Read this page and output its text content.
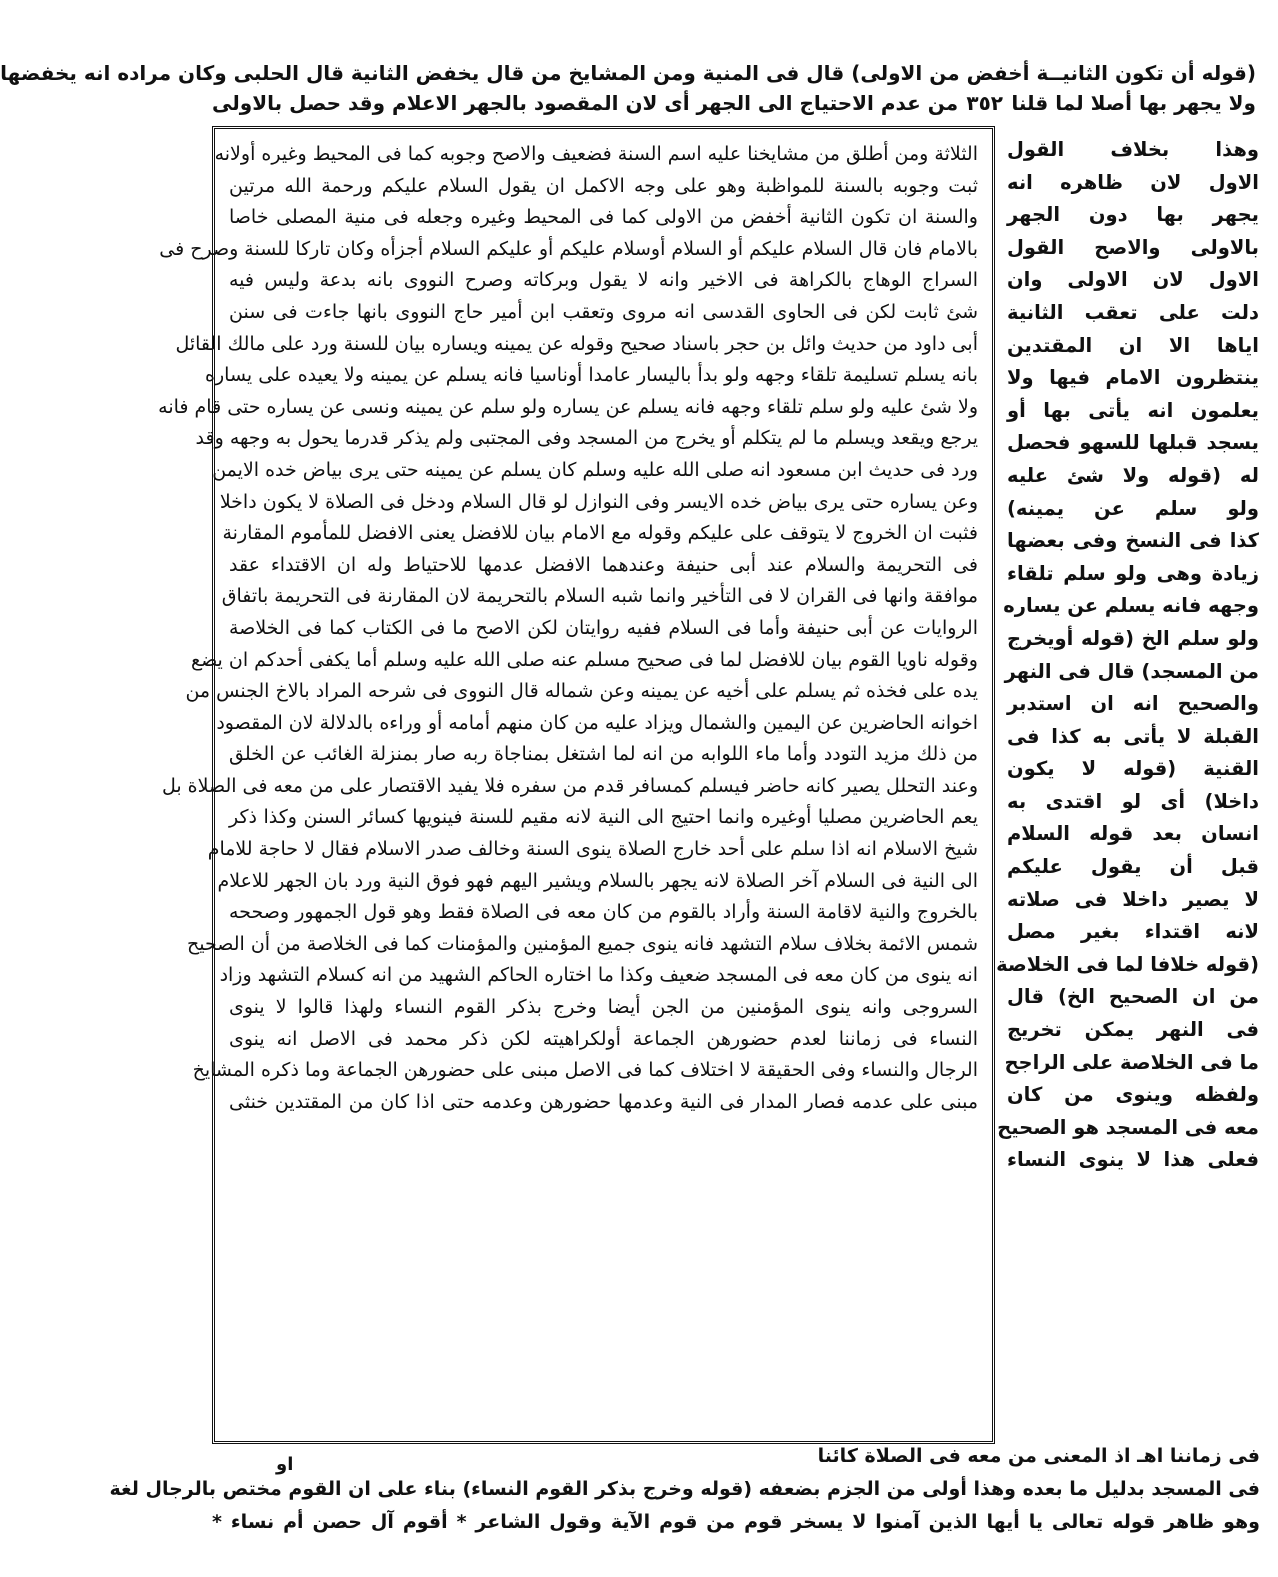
(قوله أن تكون الثانيــة أخفض من الاولى) قال فى المنية ومن المشايخ من قال يخفض الثانية قال الحلبى وكان مراده انه يخفضها
ولا يجهر بها أصلا لما قلنا
٣٥٢
من عدم الاحتياج الى الجهر أى لان المقصود بالجهر الاعلام وقد حصل بالاولى
الثلاثة ومن أطلق من مشايخنا عليه اسم السنة فضعيف والاصح وجوبه كما فى المحيط وغيره أولانه
ثبت وجوبه بالسنة للمواظبة وهو على وجه الاكمل ان يقول السلام عليكم ورحمة الله مرتين
والسنة ان تكون الثانية أخفض من الاولى كما فى المحيط وغيره وجعله فى منية المصلى خاصا
بالامام فان قال السلام عليكم أو السلام أوسلام عليكم أو عليكم السلام أجزأه وكان تاركا للسنة وصرح فى
السراج الوهاج بالكراهة فى الاخير وانه لا يقول وبركاته وصرح النووى بانه بدعة وليس فيه
شئ ثابت لكن فى الحاوى القدسى انه مروى وتعقب ابن أمير حاج النووى بانها جاءت فى سنن
أبى داود من حديث وائل بن حجر باسناد صحيح وقوله عن يمينه ويساره بيان للسنة ورد على مالك القائل
بانه يسلم تسليمة تلقاء وجهه ولو بدأ باليسار عامدا أوناسيا فانه يسلم عن يمينه ولا يعيده على يساره
ولا شئ عليه ولو سلم تلقاء وجهه فانه يسلم عن يساره ولو سلم عن يمينه ونسى عن يساره حتى قام فانه
يرجع ويقعد ويسلم ما لم يتكلم أو يخرج من المسجد وفى المجتبى ولم يذكر قدرما يحول به وجهه وقد
ورد فى حديث ابن مسعود انه صلى الله عليه وسلم كان يسلم عن يمينه حتى يرى بياض خده الايمن
وعن يساره حتى يرى بياض خده الايسر وفى النوازل لو قال السلام ودخل فى الصلاة لا يكون داخلا
فثبت ان الخروج لا يتوقف على عليكم وقوله مع الامام بيان للافضل يعنى الافضل للمأموم المقارنة
فى التحريمة والسلام عند أبى حنيفة وعندهما الافضل عدمها للاحتياط وله ان الاقتداء عقد
موافقة وانها فى القران لا فى التأخير وانما شبه السلام بالتحريمة لان المقارنة فى التحريمة باتفاق
الروايات عن أبى حنيفة وأما فى السلام ففيه روايتان لكن الاصح ما فى الكتاب كما فى الخلاصة
وقوله ناويا القوم بيان للافضل لما فى صحيح مسلم عنه صلى الله عليه وسلم أما يكفى أحدكم ان يضع
يده على فخذه ثم يسلم على أخيه عن يمينه وعن شماله قال النووى فى شرحه المراد بالاخ الجنس من
اخوانه الحاضرين عن اليمين والشمال ويزاد عليه من كان منهم أمامه أو وراءه بالدلالة لان المقصود
من ذلك مزيد التودد وأما ماء اللوابه من انه لما اشتغل بمناجاة ربه صار بمنزلة الغائب عن الخلق
وعند التحلل يصير كانه حاضر فيسلم كمسافر قدم من سفره فلا يفيد الاقتصار على من معه فى الصلاة بل
يعم الحاضرين مصليا أوغيره وانما احتيج الى النية لانه مقيم للسنة فينويها كسائر السنن وكذا ذكر
شيخ الاسلام انه اذا سلم على أحد خارج الصلاة ينوى السنة وخالف صدر الاسلام فقال لا حاجة للامام
الى النية فى السلام آخر الصلاة لانه يجهر بالسلام ويشير اليهم فهو فوق النية ورد بان الجهر للاعلام
بالخروج والنية لاقامة السنة وأراد بالقوم من كان معه فى الصلاة فقط وهو قول الجمهور وصححه
شمس الائمة بخلاف سلام التشهد فانه ينوى جميع المؤمنين والمؤمنات كما فى الخلاصة من أن الصحيح
انه ينوى من كان معه فى المسجد ضعيف وكذا ما اختاره الحاكم الشهيد من انه كسلام التشهد وزاد
السروجى وانه ينوى المؤمنين من الجن أيضا وخرج بذكر القوم النساء ولهذا قالوا لا ينوى
النساء فى زماننا لعدم حضورهن الجماعة أولكراهيته لكن ذكر محمد فى الاصل انه ينوى
الرجال والنساء وفى الحقيقة لا اختلاف كما فى الاصل مبنى على حضورهن الجماعة وما ذكره المشايخ
مبنى على عدمه فصار المدار فى النية وعدمها حضورهن وعدمه حتى اذا كان من المقتدين خنثى
وهذا بخلاف القول
الاول لان ظاهره انه
يجهر بها دون الجهر
بالاولى والاصح القول
الاول لان الاولى وان
دلت على تعقب الثانية
اياها الا ان المقتدين
ينتظرون الامام فيها ولا
يعلمون انه يأتى بها أو
يسجد قبلها للسهو فحصل
له (قوله ولا شئ عليه
ولو سلم عن يمينه)
كذا فى النسخ وفى بعضها
زيادة وهى ولو سلم تلقاء
وجهه فانه يسلم عن يساره
ولو سلم الخ (قوله أويخرج
من المسجد) قال فى النهر
والصحيح انه ان استدبر
القبلة لا يأتى به كذا فى
القنية (قوله لا يكون
داخلا) أى لو اقتدى به
انسان بعد قوله السلام
قبل أن يقول عليكم
لا يصير داخلا فى صلاته
لانه اقتداء بغير مصل
(قوله خلافا لما فى الخلاصة
من ان الصحيح الخ) قال
فى النهر يمكن تخريج
ما فى الخلاصة على الراجح
ولفظه وينوى من كان
معه فى المسجد هو الصحيح
فعلى هذا لا ينوى النساء
فى زماننا اهـ اذ المعنى من معه فى الصلاة كائنا
او
فى المسجد بدليل ما بعده وهذا أولى من الجزم بضعفه (قوله وخرج بذكر القوم النساء) بناء على ان القوم مختص بالرجال لغة
وهو ظاهر قوله تعالى يا أيها الذين آمنوا لا يسخر قوم من قوم الآية وقول الشاعر * أقوم آل حصن أم نساء *
